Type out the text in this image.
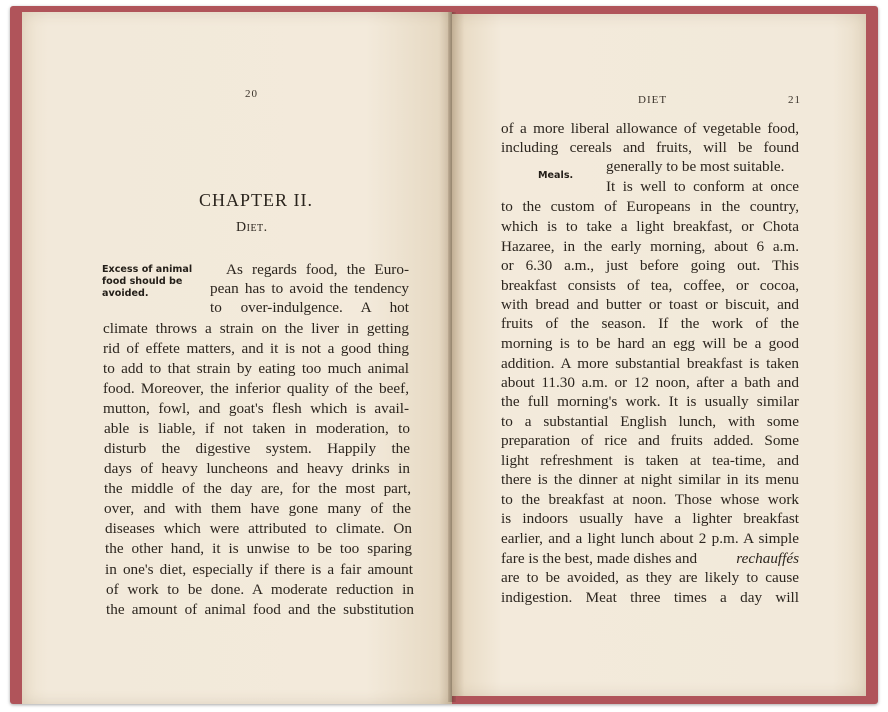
20
CHAPTER II.
Diet.
Excess of animal
food should be
avoided.
As regards food, the Euro-
pean has to avoid the tendency
to over-indulgence. A hot
climate throws a strain on the liver in getting
rid of effete matters, and it is not a good thing
to add to that strain by eating too much animal
food. Moreover, the inferior quality of the beef,
mutton, fowl, and goat's flesh which is avail-
able is liable, if not taken in moderation, to
disturb the digestive system. Happily the
days of heavy luncheons and heavy drinks in
the middle of the day are, for the most part,
over, and with them have gone many of the
diseases which were attributed to climate. On
the other hand, it is unwise to be too sparing
in one's diet, especially if there is a fair amount
of work to be done. A moderate reduction in
the amount of animal food and the substitution
DIET	21
Meals.
of a more liberal allowance of vegetable food,
including cereals and fruits, will be found
generally to be most suitable.
It is well to conform at once
to the custom of Europeans in the country,
which is to take a light breakfast, or Chota
Hazaree, in the early morning, about 6 a.m.
or 6.30 a.m., just before going out. This
breakfast consists of tea, coffee, or cocoa,
with bread and butter or toast or biscuit, and
fruits of the season. If the work of the
morning is to be hard an egg will be a good
addition. A more substantial breakfast is taken
about 11.30 a.m. or 12 noon, after a bath and
the full morning's work. It is usually similar
to a substantial English lunch, with some
preparation of rice and fruits added. Some
light refreshment is taken at tea-time, and
there is the dinner at night similar in its menu
to the breakfast at noon. Those whose work
is indoors usually have a lighter breakfast
earlier, and a light lunch about 2 p.m. A simple
fare is the best, made dishes and	rechauffés
are to be avoided, as they are likely to cause
indigestion. Meat three times a day will
